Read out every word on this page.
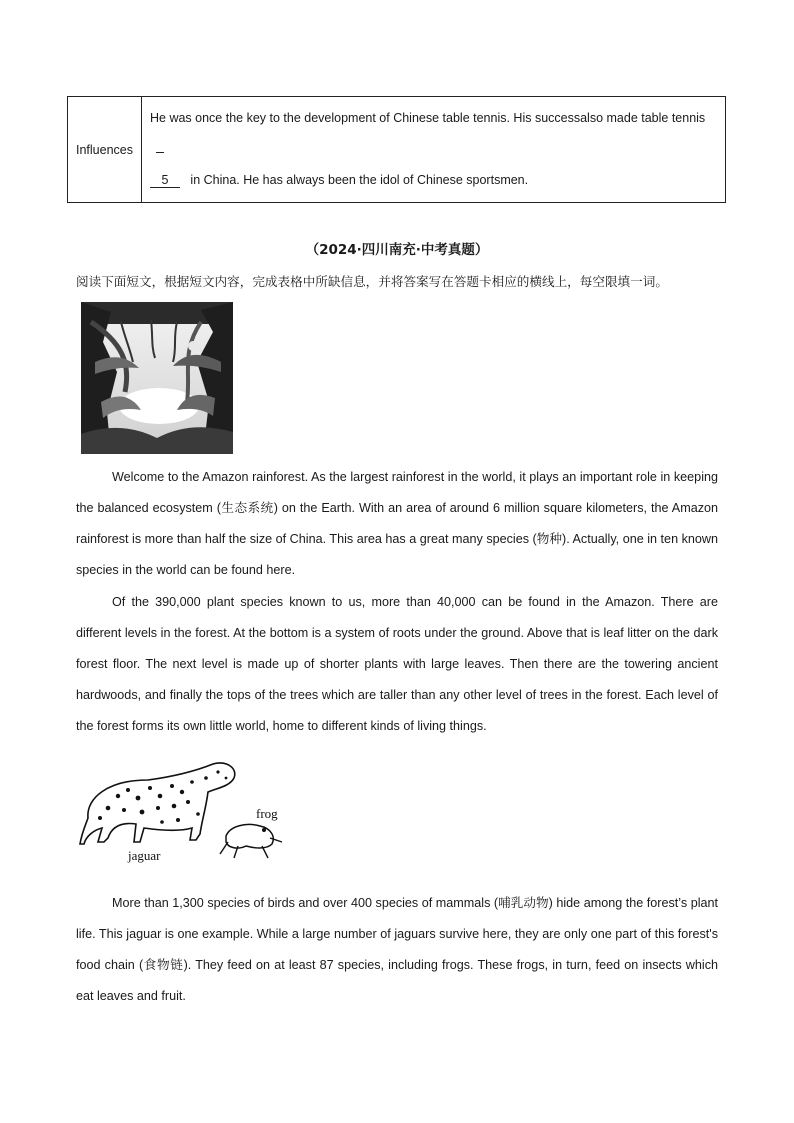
Influences	He was once the key to the development of Chinese table tennis. His successalso made table tennis
5 in China. He has always been the idol of Chinese sportsmen.
（2024·四川南充·中考真题）
阅读下面短文，根据短文内容，完成表格中所缺信息，并将答案写在答题卡相应的横线上，每空限填一词。

Welcome to the Amazon rainforest. As the largest rainforest in the world, it plays an important role in keeping the balanced ecosystem (生态系统) on the Earth. With an area of around 6 million square kilometers, the Amazon rainforest is more than half the size of China. This area has a great many species (物种). Actually, one in ten known species in the world can be found here.

Of the 390,000 plant species known to us, more than 40,000 can be found in the Amazon. There are different levels in the forest. At the bottom is a system of roots under the ground. Above that is leaf litter on the dark forest floor. The next level is made up of shorter plants with large leaves. Then there are the towering ancient hardwoods, and finally the tops of the trees which are taller than any other level of trees in the forest. Each level of the forest forms its own little world, home to different kinds of living things.

jaguar
frog

More than 1,300 species of birds and over 400 species of mammals (哺乳动物) hide among the forest’s plant life. This jaguar is one example. While a large number of jaguars survive here, they are only one part of this forest's food chain (食物链). They feed on at least 87 species, including frogs. These frogs, in turn, feed on insects which eat leaves and fruit.
